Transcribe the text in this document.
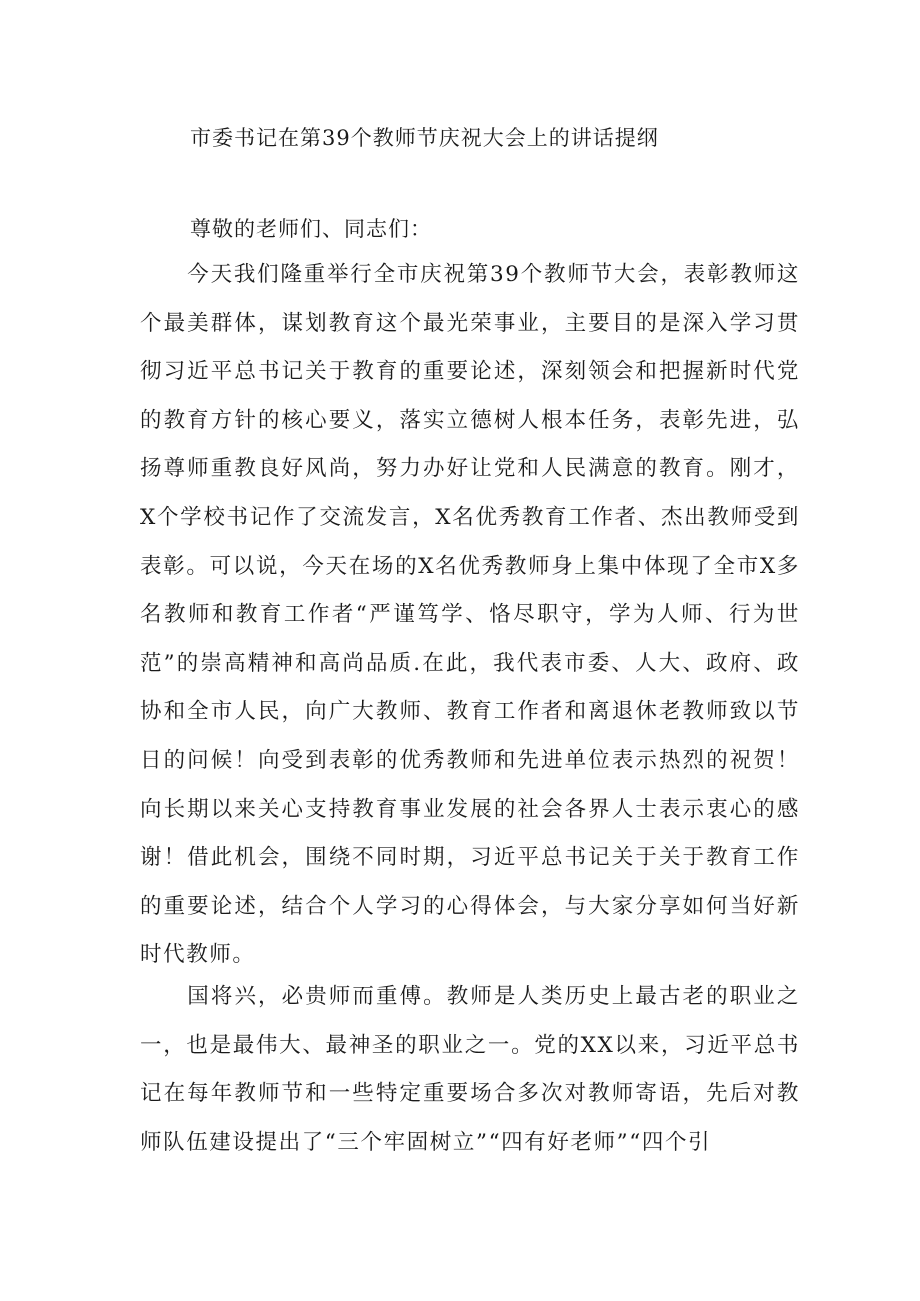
市委书记在第39个教师节庆祝大会上的讲话提纲
尊敬的老师们、同志们：

今天我们隆重举行全市庆祝第39个教师节大会，表彰教师这个最美群体，谋划教育这个最光荣事业，主要目的是深入学习贯彻习近平总书记关于教育的重要论述，深刻领会和把握新时代党的教育方针的核心要义，落实立德树人根本任务，表彰先进，弘扬尊师重教良好风尚，努力办好让党和人民满意的教育。刚才，X个学校书记作了交流发言，X名优秀教育工作者、杰出教师受到表彰。可以说，今天在场的X名优秀教师身上集中体现了全市X多名教师和教育工作者“严谨笃学、恪尽职守，学为人师、行为世范”的崇高精神和高尚品质.在此，我代表市委、人大、政府、政协和全市人民，向广大教师、教育工作者和离退休老教师致以节日的问候！向受到表彰的优秀教师和先进单位表示热烈的祝贺！向长期以来关心支持教育事业发展的社会各界人士表示衷心的感谢！借此机会，围绕不同时期，习近平总书记关于关于教育工作的重要论述，结合个人学习的心得体会，与大家分享如何当好新时代教师。

国将兴，必贵师而重傅。教师是人类历史上最古老的职业之一，也是最伟大、最神圣的职业之一。党的XX以来，习近平总书记在每年教师节和一些特定重要场合多次对教师寄语，先后对教师队伍建设提出了“三个牢固树立”“四有好老师”“四个引
